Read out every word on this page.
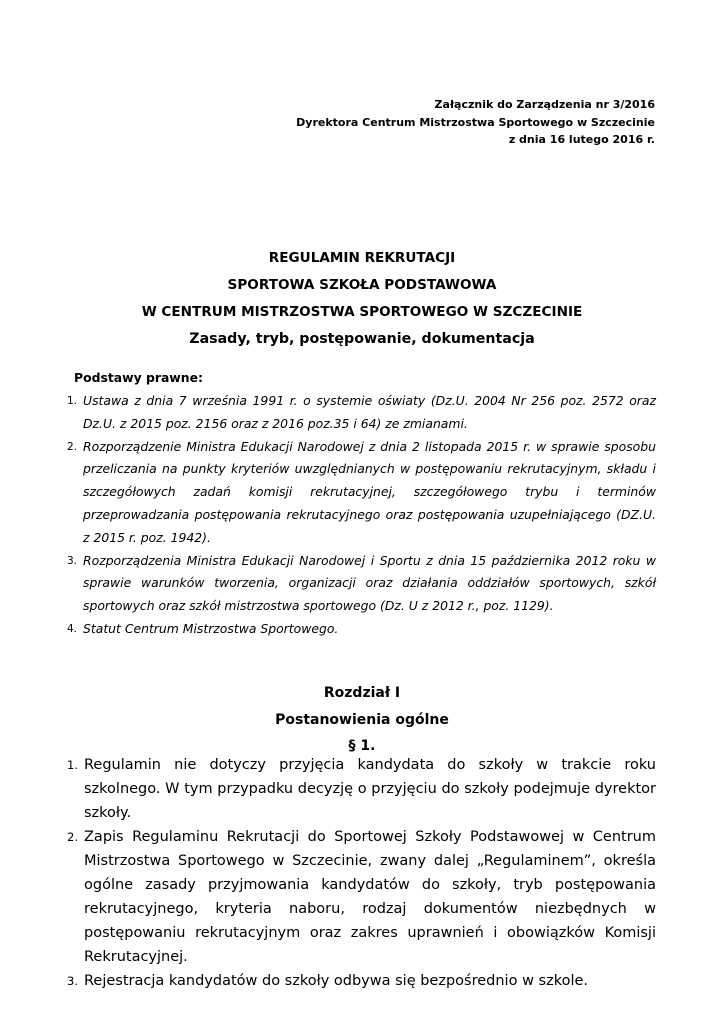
Załącznik do Zarządzenia nr 3/2016
Dyrektora Centrum Mistrzostwa Sportowego w Szczecinie
z dnia 16 lutego 2016 r.
REGULAMIN REKRUTACJI
SPORTOWA SZKOŁA PODSTAWOWA
W CENTRUM MISTRZOSTWA SPORTOWEGO W SZCZECINIE
Zasady, tryb, postępowanie, dokumentacja
Podstawy prawne:
1. Ustawa z dnia 7 września 1991 r. o systemie oświaty (Dz.U. 2004 Nr 256 poz. 2572 oraz Dz.U. z 2015 poz. 2156 oraz z 2016 poz.35 i 64) ze zmianami.
2. Rozporządzenie Ministra Edukacji Narodowej z dnia 2 listopada 2015 r. w sprawie sposobu przeliczania na punkty kryteriów uwzględnianych w postępowaniu rekrutacyjnym, składu i szczegółowych zadań komisji rekrutacyjnej, szczegółowego trybu i terminów przeprowadzania postępowania rekrutacyjnego oraz postępowania uzupełniającego (DZ.U. z 2015 r. poz. 1942).
3. Rozporządzenia Ministra Edukacji Narodowej i Sportu z dnia 15 października 2012 roku w sprawie warunków tworzenia, organizacji oraz działania oddziałów sportowych, szkół sportowych oraz szkół mistrzostwa sportowego (Dz. U z 2012 r., poz. 1129).
4. Statut Centrum Mistrzostwa Sportowego.
Rozdział I
Postanowienia ogólne
§ 1.
1. Regulamin nie dotyczy przyjęcia kandydata do szkoły w trakcie roku szkolnego. W tym przypadku decyzję o przyjęciu do szkoły podejmuje dyrektor szkoły.
2. Zapis Regulaminu Rekrutacji do Sportowej Szkoły Podstawowej w Centrum Mistrzostwa Sportowego w Szczecinie, zwany dalej „Regulaminem”, określa ogólne zasady przyjmowania kandydatów do szkoły, tryb postępowania rekrutacyjnego, kryteria naboru, rodzaj dokumentów niezbędnych w postępowaniu rekrutacyjnym oraz zakres uprawnień i obowiązków Komisji Rekrutacyjnej.
3. Rejestracja kandydatów do szkoły odbywa się bezpośrednio w szkole.
